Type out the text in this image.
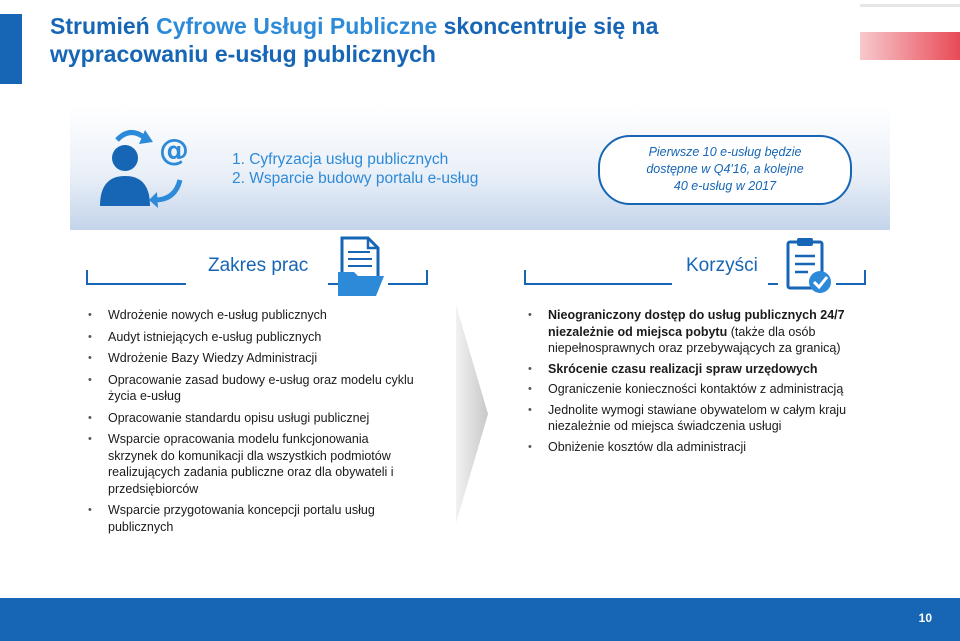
Strumień Cyfrowe Usługi Publiczne skoncentruje się na wypracowaniu e-usług publicznych
@	1. Cyfryzacja usług publicznych
2. Wsparcie budowy portalu e-usług
Pierwsze 10 e-usług będzie
dostępne w Q4'16, a kolejne
40 e-usług w 2017
Zakres prac	Korzyści
• Wdrożenie nowych e-usług publicznych
• Audyt istniejących e-usług publicznych
• Wdrożenie Bazy Wiedzy Administracji
• Opracowanie zasad budowy e-usług oraz modelu cyklu życia e-usług
• Opracowanie standardu opisu usługi publicznej
• Wsparcie opracowania modelu funkcjonowania skrzynek do komunikacji dla wszystkich podmiotów realizujących zadania publiczne oraz dla obywateli i przedsiębiorców
• Wsparcie przygotowania koncepcji portalu usług publicznych
• Nieograniczony dostęp do usług publicznych 24/7 niezależnie od miejsca pobytu (także dla osób niepełnosprawnych oraz przebywających za granicą)
• Skrócenie czasu realizacji spraw urzędowych
• Ograniczenie konieczności kontaktów z administracją
• Jednolite wymogi stawiane obywatelom w całym kraju niezależnie od miejsca świadczenia usługi
• Obniżenie kosztów dla administracji
10
